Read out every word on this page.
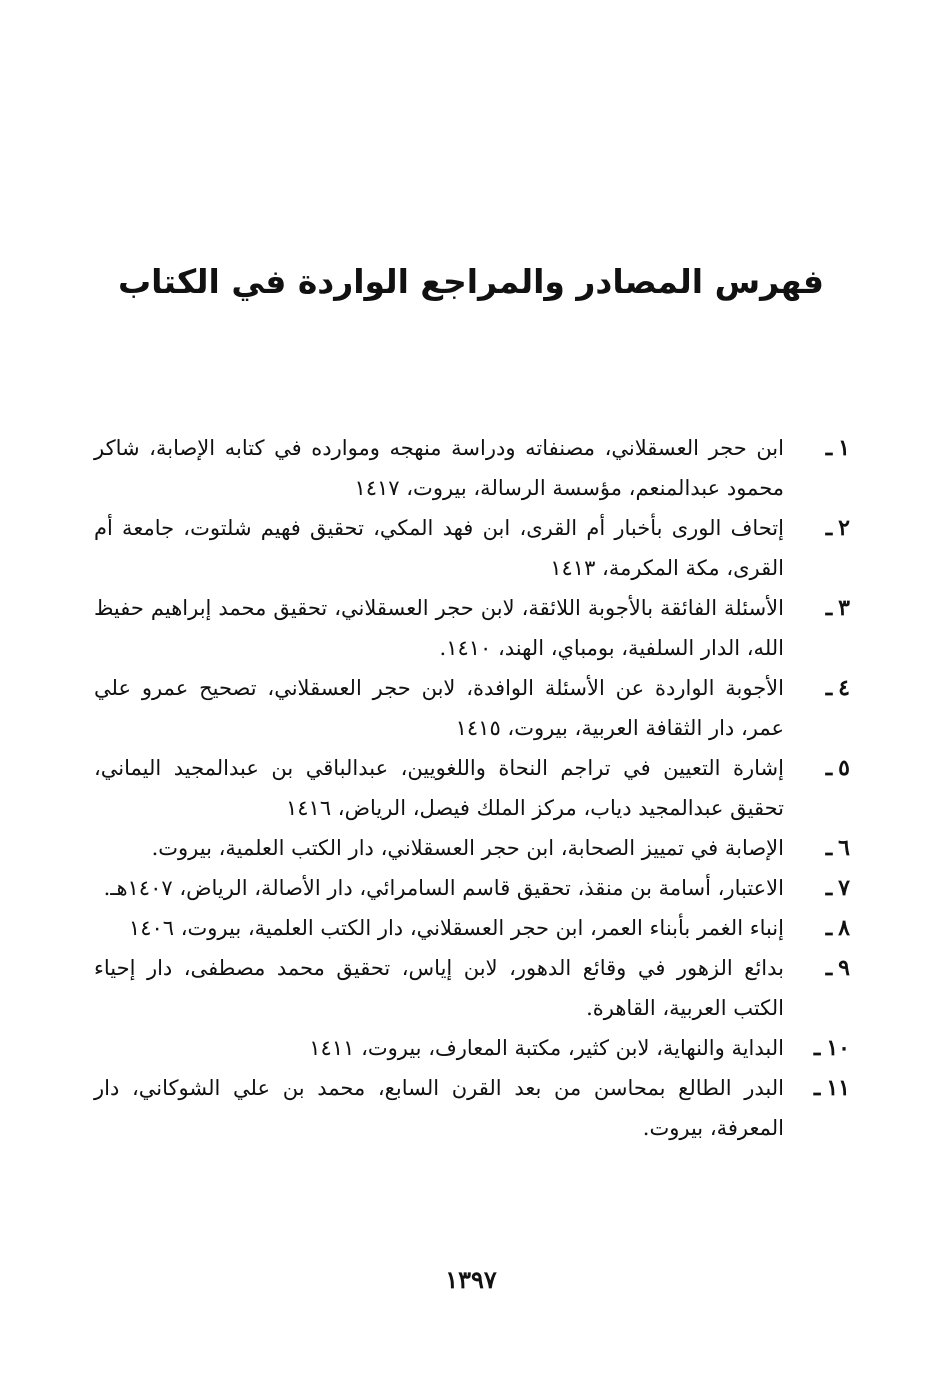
فهرس المصادر والمراجع الواردة في الكتاب
١ـ
ابن حجر العسقلاني، مصنفاته ودراسة منهجه وموارده في كتابه الإصابة، شاكر محمود عبدالمنعم، مؤسسة الرسالة، بيروت، ١٤١٧
٢ـ
إتحاف الورى بأخبار أم القرى، ابن فهد المكي، تحقيق فهيم شلتوت، جامعة أم القرى، مكة المكرمة، ١٤١٣
٣ـ
الأسئلة الفائقة بالأجوبة اللائقة، لابن حجر العسقلاني، تحقيق محمد إبراهيم حفيظ الله، الدار السلفية، بومباي، الهند، ١٤١٠.
٤ـ
الأجوبة الواردة عن الأسئلة الوافدة، لابن حجر العسقلاني، تصحيح عمرو علي عمر، دار الثقافة العربية، بيروت، ١٤١٥
٥ـ
إشارة التعيين في تراجم النحاة واللغويين، عبدالباقي بن عبدالمجيد اليماني، تحقيق عبدالمجيد دياب، مركز الملك فيصل، الرياض، ١٤١٦
٦ـ
الإصابة في تمييز الصحابة، ابن حجر العسقلاني، دار الكتب العلمية، بيروت.
٧ـ
الاعتبار، أسامة بن منقذ، تحقيق قاسم السامرائي، دار الأصالة، الرياض، ١٤٠٧هـ.
٨ـ
إنباء الغمر بأبناء العمر، ابن حجر العسقلاني، دار الكتب العلمية، بيروت، ١٤٠٦
٩ـ
بدائع الزهور في وقائع الدهور، لابن إياس، تحقيق محمد مصطفى، دار إحياء الكتب العربية، القاهرة.
١٠ـ
البداية والنهاية، لابن كثير، مكتبة المعارف، بيروت، ١٤١١
١١ـ
البدر الطالع بمحاسن من بعد القرن السابع، محمد بن علي الشوكاني، دار المعرفة، بيروت.
١٣٩٧
